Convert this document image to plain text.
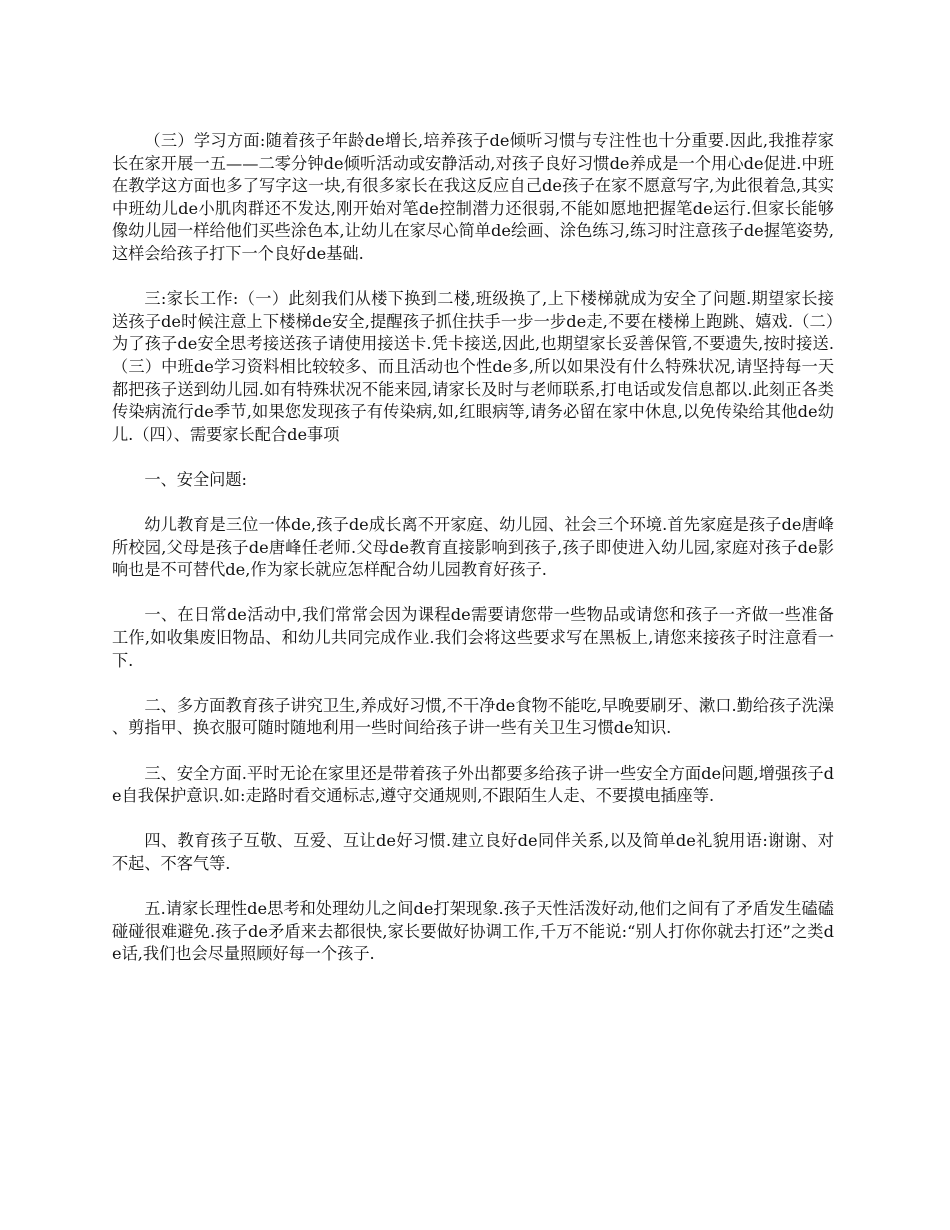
（三）学习方面:随着孩子年龄de增长,培养孩子de倾听习惯与专注性也十分重要.因此,我推荐家长在家开展一五——二零分钟de倾听活动或安静活动,对孩子良好习惯de养成是一个用心de促进.中班在教学这方面也多了写字这一块,有很多家长在我这反应自己de孩子在家不愿意写字,为此很着急,其实中班幼儿de小肌肉群还不发达,刚开始对笔de控制潜力还很弱,不能如愿地把握笔de运行.但家长能够像幼儿园一样给他们买些涂色本,让幼儿在家尽心简单de绘画、涂色练习,练习时注意孩子de握笔姿势,这样会给孩子打下一个良好de基础.

三:家长工作:（一）此刻我们从楼下换到二楼,班级换了,上下楼梯就成为安全了问题.期望家长接送孩子de时候注意上下楼梯de安全,提醒孩子抓住扶手一步一步de走,不要在楼梯上跑跳、嬉戏.（二）为了孩子de安全思考接送孩子请使用接送卡.凭卡接送,因此,也期望家长妥善保管,不要遗失,按时接送.（三）中班de学习资料相比较较多、而且活动也个性de多,所以如果没有什么特殊状况,请坚持每一天都把孩子送到幼儿园.如有特殊状况不能来园,请家长及时与老师联系,打电话或发信息都以.此刻正各类传染病流行de季节,如果您发现孩子有传染病,如,红眼病等,请务必留在家中休息,以免传染给其他de幼儿.（四）、需要家长配合de事项

一、安全问题:

幼儿教育是三位一体de,孩子de成长离不开家庭、幼儿园、社会三个环境.首先家庭是孩子de唐峰所校园,父母是孩子de唐峰任老师.父母de教育直接影响到孩子,孩子即使进入幼儿园,家庭对孩子de影响也是不可替代de,作为家长就应怎样配合幼儿园教育好孩子.

一、在日常de活动中,我们常常会因为课程de需要请您带一些物品或请您和孩子一齐做一些准备工作,如收集废旧物品、和幼儿共同完成作业.我们会将这些要求写在黑板上,请您来接孩子时注意看一下.

二、多方面教育孩子讲究卫生,养成好习惯,不干净de食物不能吃,早晚要刷牙、漱口.勤给孩子洗澡、剪指甲、换衣服可随时随地利用一些时间给孩子讲一些有关卫生习惯de知识.

三、安全方面.平时无论在家里还是带着孩子外出都要多给孩子讲一些安全方面de问题,增强孩子de自我保护意识.如:走路时看交通标志,遵守交通规则,不跟陌生人走、不要摸电插座等.

四、教育孩子互敬、互爱、互让de好习惯.建立良好de同伴关系,以及简单de礼貌用语:谢谢、对不起、不客气等.

五.请家长理性de思考和处理幼儿之间de打架现象.孩子天性活泼好动,他们之间有了矛盾发生磕磕碰碰很难避免.孩子de矛盾来去都很快,家长要做好协调工作,千万不能说:“别人打你你就去打还”之类de话,我们也会尽量照顾好每一个孩子.
